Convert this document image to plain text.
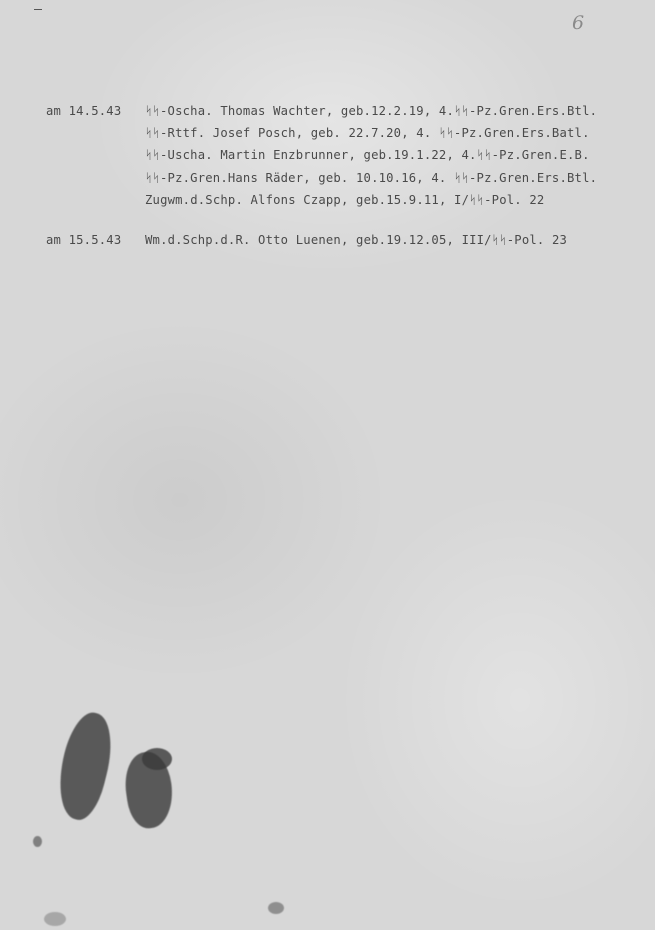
6
am 14.5.43 ᛋᛋ-Oscha. Thomas Wachter, geb.12.2.19, 4.ᛋᛋ-Pz.Gren.Ers.Btl.
ᛋᛋ-Rttf. Josef Posch, geb. 22.7.20, 4. ᛋᛋ-Pz.Gren.Ers.Batl.
ᛋᛋ-Uscha. Martin Enzbrunner, geb.19.1.22, 4.ᛋᛋ-Pz.Gren.E.B.
ᛋᛋ-Pz.Gren.Hans Räder, geb. 10.10.16, 4. ᛋᛋ-Pz.Gren.Ers.Btl.
Zugwm.d.Schp. Alfons Czapp, geb.15.9.11, I/ᛋᛋ-Pol. 22
am 15.5.43 Wm.d.Schp.d.R. Otto Luenen, geb.19.12.05, III/ᛋᛋ-Pol. 23
